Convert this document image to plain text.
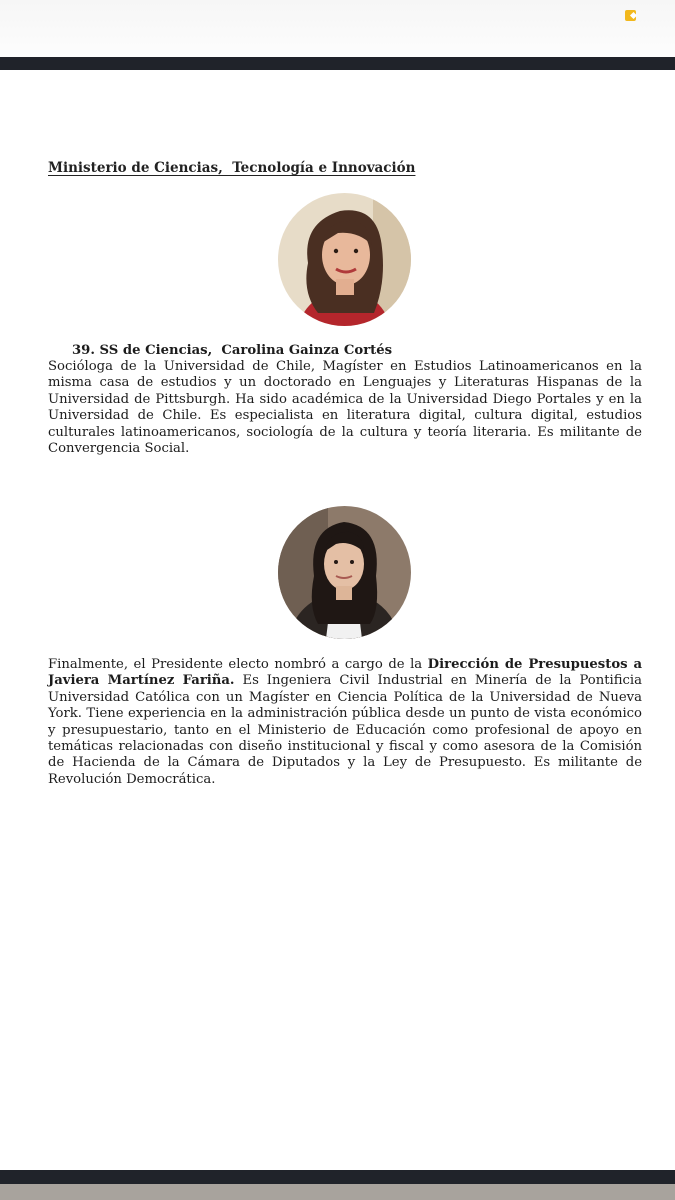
Ministerio de Ciencias,  Tecnología e Innovación
39. SS de Ciencias,  Carolina Gainza Cortés
Socióloga de la Universidad de Chile, Magíster en Estudios Latinoamericanos en la misma casa de estudios y un doctorado en Lenguajes y Literaturas Hispanas de la Universidad de Pittsburgh. Ha sido académica de la Universidad Diego Portales y en la Universidad de Chile. Es especialista en literatura digital, cultura digital, estudios culturales latinoamericanos, sociología de la cultura y teoría literaria. Es militante de Convergencia Social.
Finalmente, el Presidente electo nombró a cargo de la Dirección de Presupuestos a Javiera Martínez Fariña. Es Ingeniera Civil Industrial en Minería de la Pontificia Universidad Católica con un Magíster en Ciencia Política de la Universidad de Nueva York. Tiene experiencia en la administración pública desde un punto de vista económico y presupuestario, tanto en el Ministerio de Educación como profesional de apoyo en temáticas relacionadas con diseño institucional y fiscal y como asesora de la Comisión de Hacienda de la Cámara de Diputados y la Ley de Presupuesto. Es militante de Revolución Democrática.
